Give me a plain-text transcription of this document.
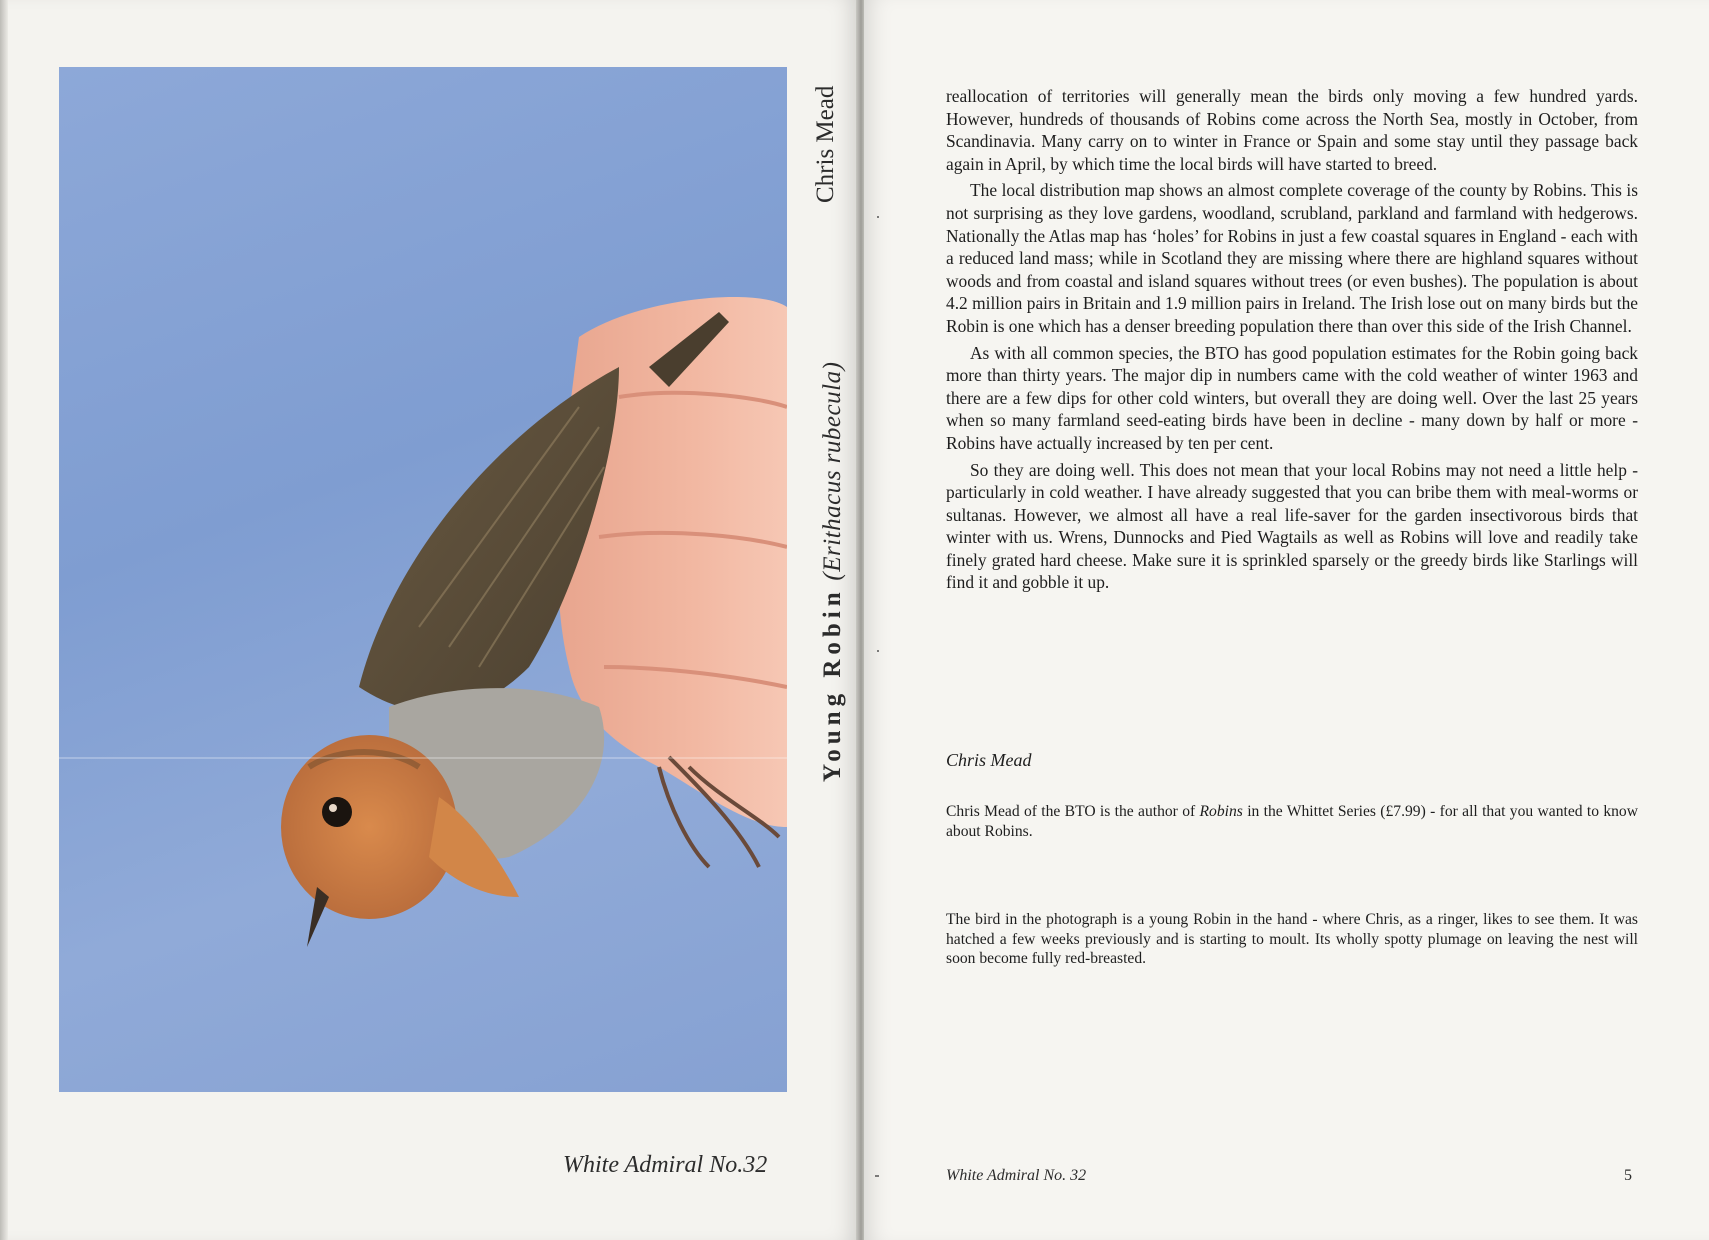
Young Robin (Erithacus rubecula)
Chris Mead
White Admiral No.32

reallocation of territories will generally mean the birds only moving a few hundred yards. However, hundreds of thousands of Robins come across the North Sea, mostly in October, from Scandinavia. Many carry on to winter in France or Spain and some stay until they passage back again in April, by which time the local birds will have started to breed.

The local distribution map shows an almost complete coverage of the county by Robins. This is not surprising as they love gardens, woodland, scrubland, parkland and farmland with hedgerows. Nationally the Atlas map has ‘holes’ for Robins in just a few coastal squares in England - each with a reduced land mass; while in Scotland they are missing where there are highland squares without woods and from coastal and island squares without trees (or even bushes). The population is about 4.2 million pairs in Britain and 1.9 million pairs in Ireland. The Irish lose out on many birds but the Robin is one which has a denser breeding population there than over this side of the Irish Channel.

As with all common species, the BTO has good population estimates for the Robin going back more than thirty years. The major dip in numbers came with the cold weather of winter 1963 and there are a few dips for other cold winters, but overall they are doing well. Over the last 25 years when so many farmland seed-eating birds have been in decline - many down by half or more - Robins have actually increased by ten per cent.

So they are doing well. This does not mean that your local Robins may not need a little help - particularly in cold weather. I have already suggested that you can bribe them with meal-worms or sultanas. However, we almost all have a real life-saver for the garden insectivorous birds that winter with us. Wrens, Dunnocks and Pied Wagtails as well as Robins will love and readily take finely grated hard cheese. Make sure it is sprinkled sparsely or the greedy birds like Starlings will find it and gobble it up.

Chris Mead
Chris Mead of the BTO is the author of Robins in the Whittet Series (£7.99) - for all that you wanted to know about Robins.
The bird in the photograph is a young Robin in the hand - where Chris, as a ringer, likes to see them. It was hatched a few weeks previously and is starting to moult. Its wholly spotty plumage on leaving the nest will soon become fully red-breasted.
White Admiral No. 32	5
